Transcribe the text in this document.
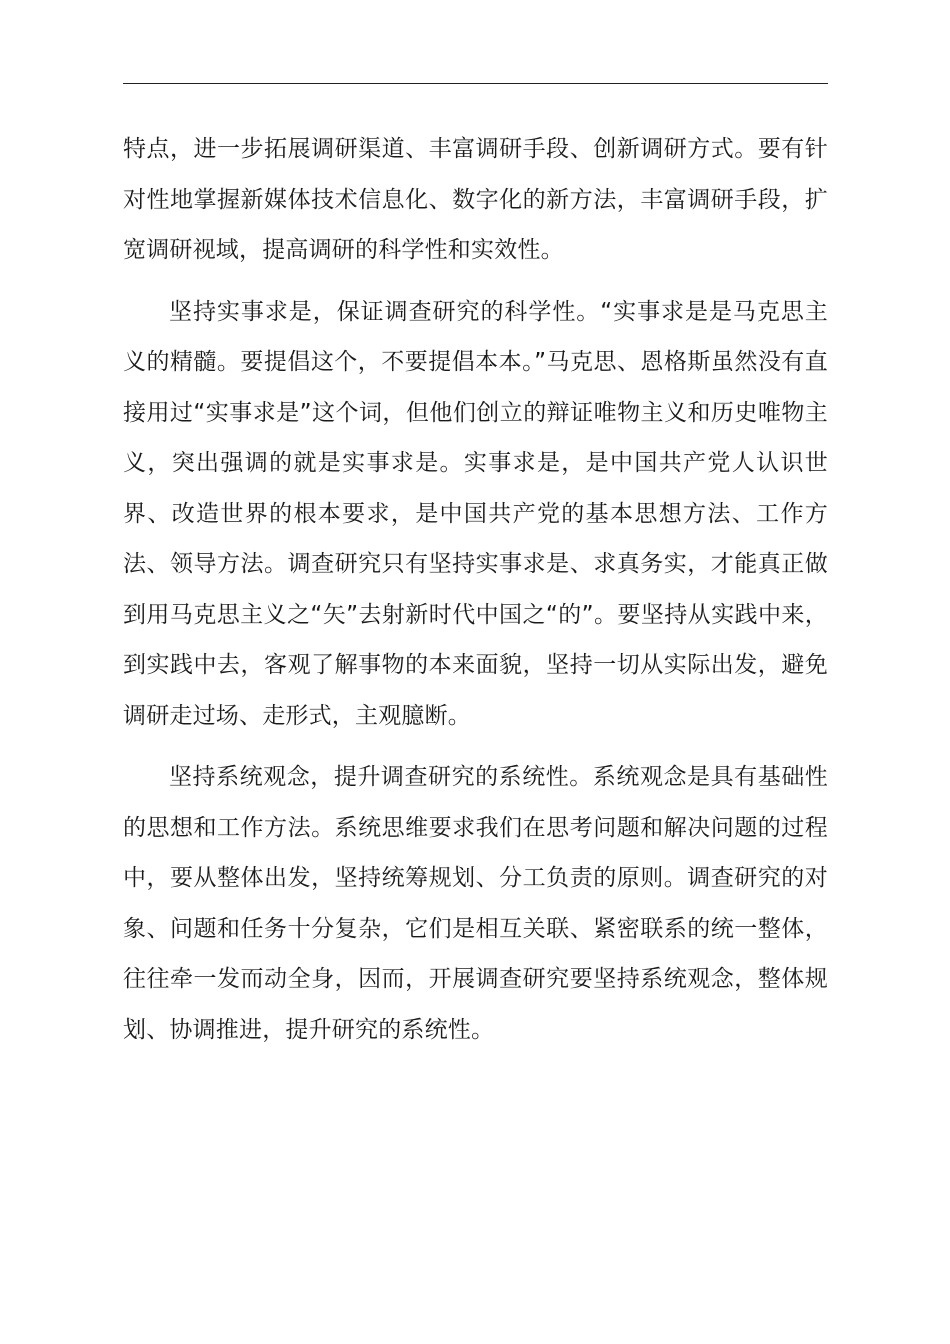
特点，进一步拓展调研渠道、丰富调研手段、创新调研方式。要有针对性地掌握新媒体技术信息化、数字化的新方法，丰富调研手段，扩宽调研视域，提高调研的科学性和实效性。

坚持实事求是，保证调查研究的科学性。“实事求是是马克思主义的精髓。要提倡这个，不要提倡本本。”马克思、恩格斯虽然没有直接用过“实事求是”这个词，但他们创立的辩证唯物主义和历史唯物主义，突出强调的就是实事求是。实事求是，是中国共产党人认识世界、改造世界的根本要求，是中国共产党的基本思想方法、工作方法、领导方法。调查研究只有坚持实事求是、求真务实，才能真正做到用马克思主义之“矢”去射新时代中国之“的”。要坚持从实践中来，到实践中去，客观了解事物的本来面貌，坚持一切从实际出发，避免调研走过场、走形式，主观臆断。

坚持系统观念，提升调查研究的系统性。系统观念是具有基础性的思想和工作方法。系统思维要求我们在思考问题和解决问题的过程中，要从整体出发，坚持统筹规划、分工负责的原则。调查研究的对象、问题和任务十分复杂，它们是相互关联、紧密联系的统一整体，往往牵一发而动全身，因而，开展调查研究要坚持系统观念，整体规划、协调推进，提升研究的系统性。
